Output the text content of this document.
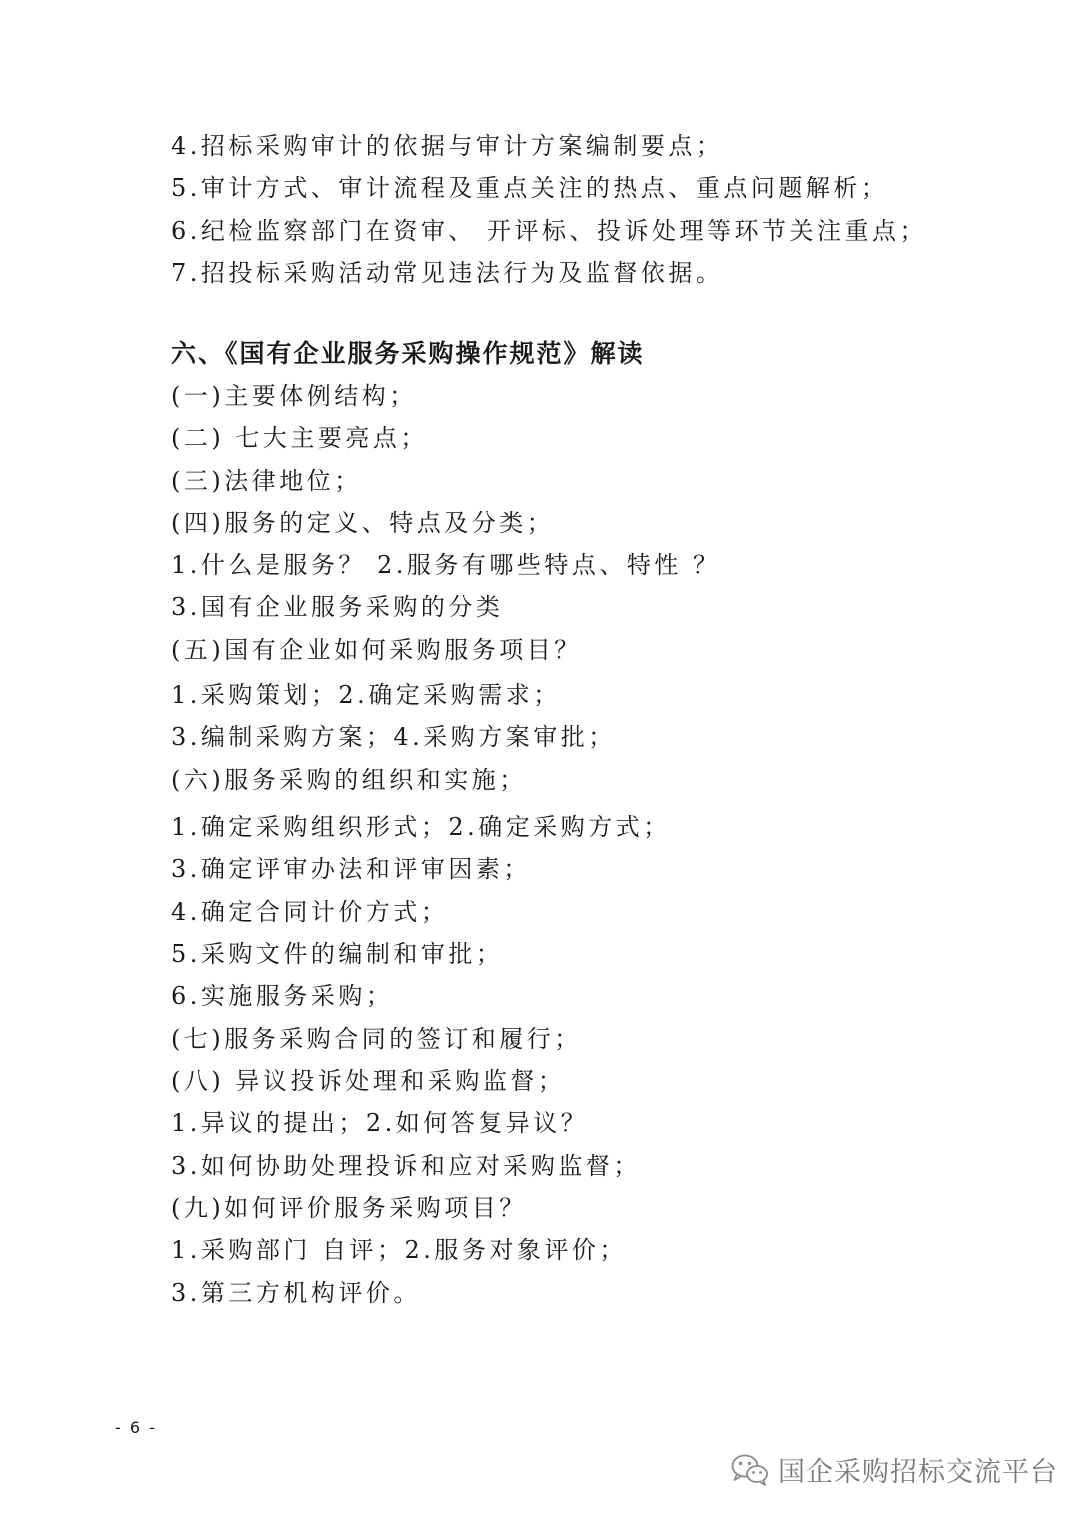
4.招标采购审计的依据与审计方案编制要点；
5.审计方式、审计流程及重点关注的热点、重点问题解析；
6.纪检监察部门在资审、 开评标、投诉处理等环节关注重点；
7.招投标采购活动常见违法行为及监督依据。
六、《国有企业服务采购操作规范》解读
(一)主要体例结构；
(二) 七大主要亮点；
(三)法律地位；
(四)服务的定义、特点及分类；
1.什么是服务？ 2.服务有哪些特点、特性 ？
3.国有企业服务采购的分类
(五)国有企业如何采购服务项目？
1.采购策划；2.确定采购需求；
3.编制采购方案；4.采购方案审批；
(六)服务采购的组织和实施；
1.确定采购组织形式；2.确定采购方式；
3.确定评审办法和评审因素；
4.确定合同计价方式；
5.采购文件的编制和审批；
6.实施服务采购；
(七)服务采购合同的签订和履行；
(八) 异议投诉处理和采购监督；
1.异议的提出；2.如何答复异议？
3.如何协助处理投诉和应对采购监督；
(九)如何评价服务采购项目？
1.采购部门 自评；2.服务对象评价；
3.第三方机构评价。
- 6 -
国企采购招标交流平台
